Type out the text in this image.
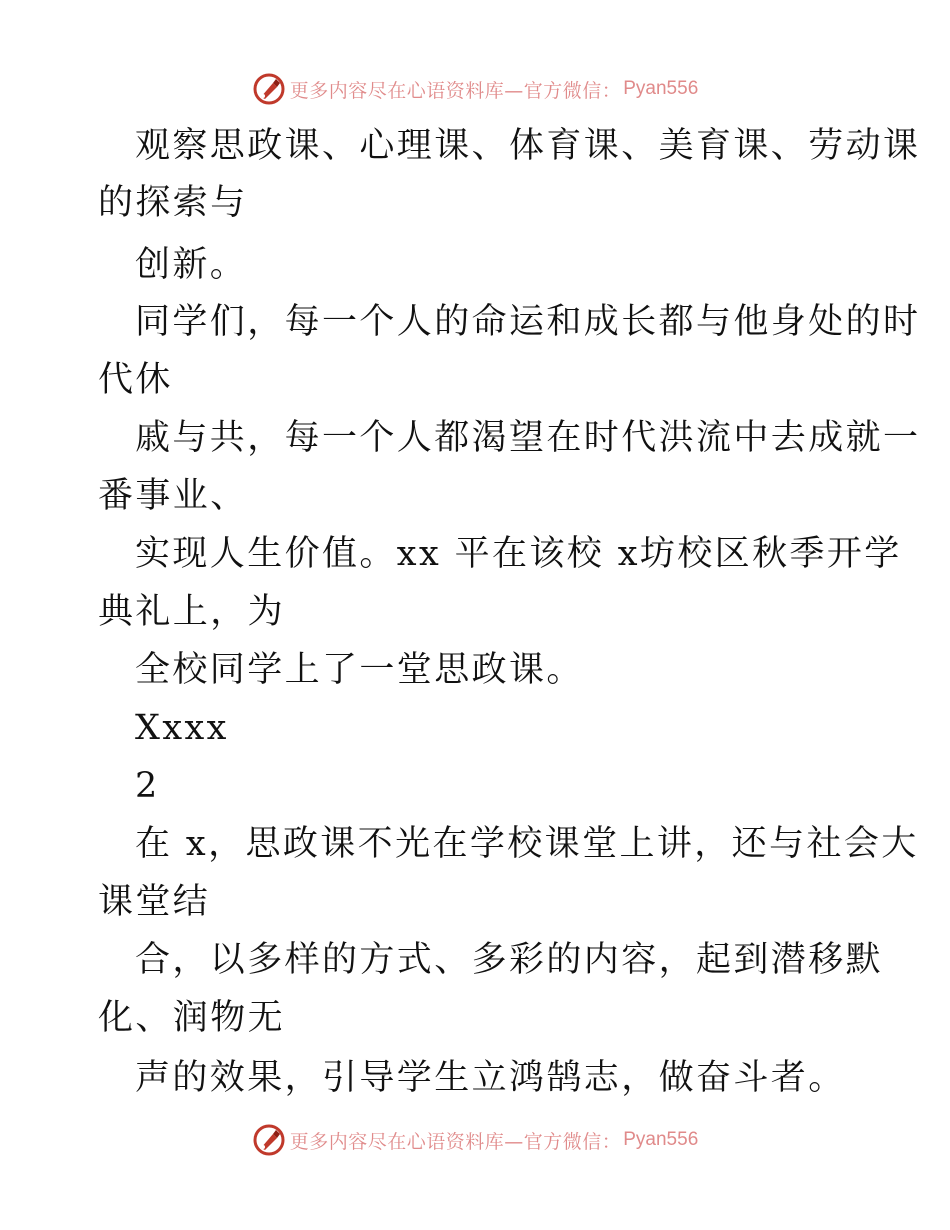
更多内容尽在心语资料库—官方微信： Pyan556
观察思政课、心理课、体育课、美育课、劳动课
的探索与
创新。
同学们，每一个人的命运和成长都与他身处的时
代休
戚与共，每一个人都渴望在时代洪流中去成就一
番事业、
实现人生价值。xx 平在该校 x坊校区秋季开学
典礼上，为
全校同学上了一堂思政课。
Xxxx
2
在 x，思政课不光在学校课堂上讲，还与社会大
课堂结
合，以多样的方式、多彩的内容，起到潜移默
化、润物无
声的效果，引导学生立鸿鹄志，做奋斗者。
更多内容尽在心语资料库—官方微信： Pyan556
